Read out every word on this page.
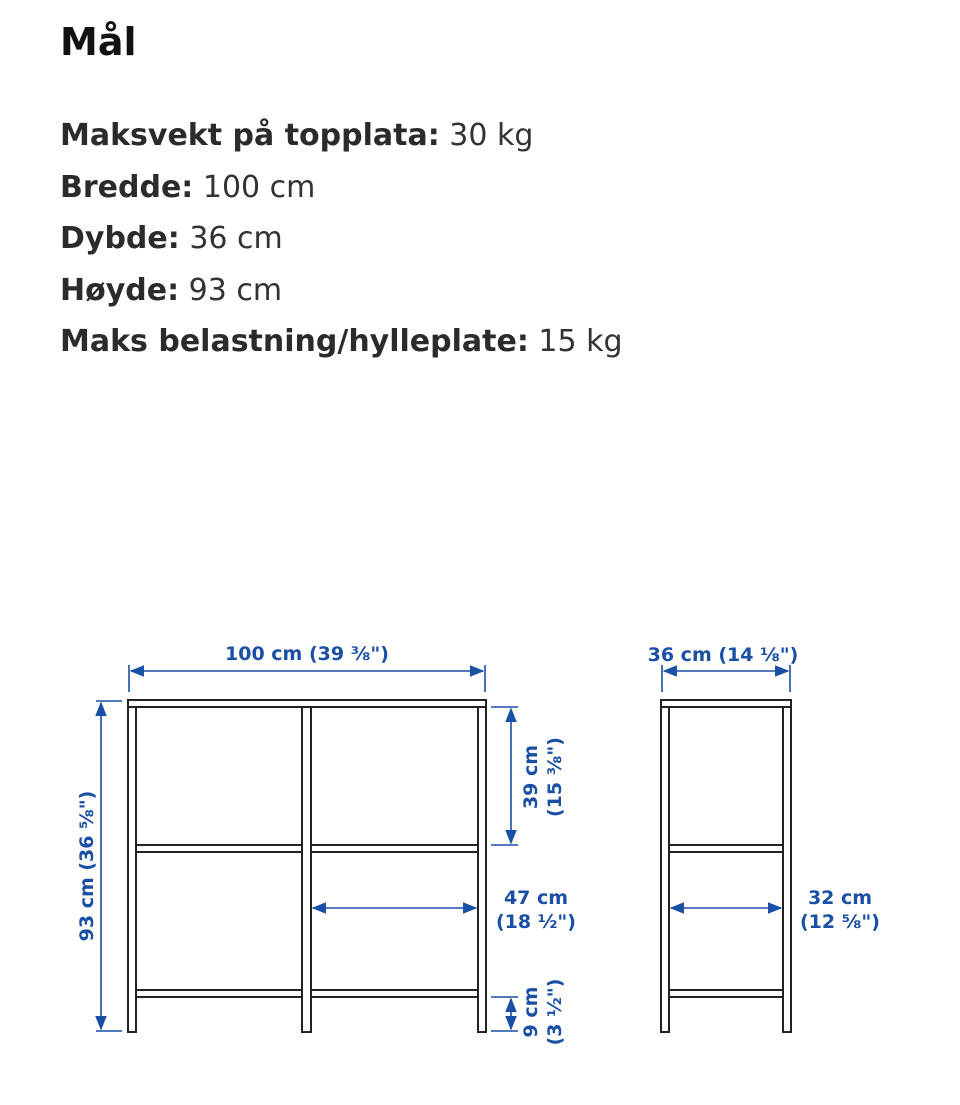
Mål
Maksvekt på topplata: 30 kg
Bredde: 100 cm
Dybde: 36 cm
Høyde: 93 cm
Maks belastning/hylleplate: 15 kg
100 cm (39 ⅜")
93 cm (36 ⅝")
39 cm (15 ⅜")
47 cm
(18 ½")
9 cm (3 ½")
36 cm (14 ⅛")
32 cm
(12 ⅝")
